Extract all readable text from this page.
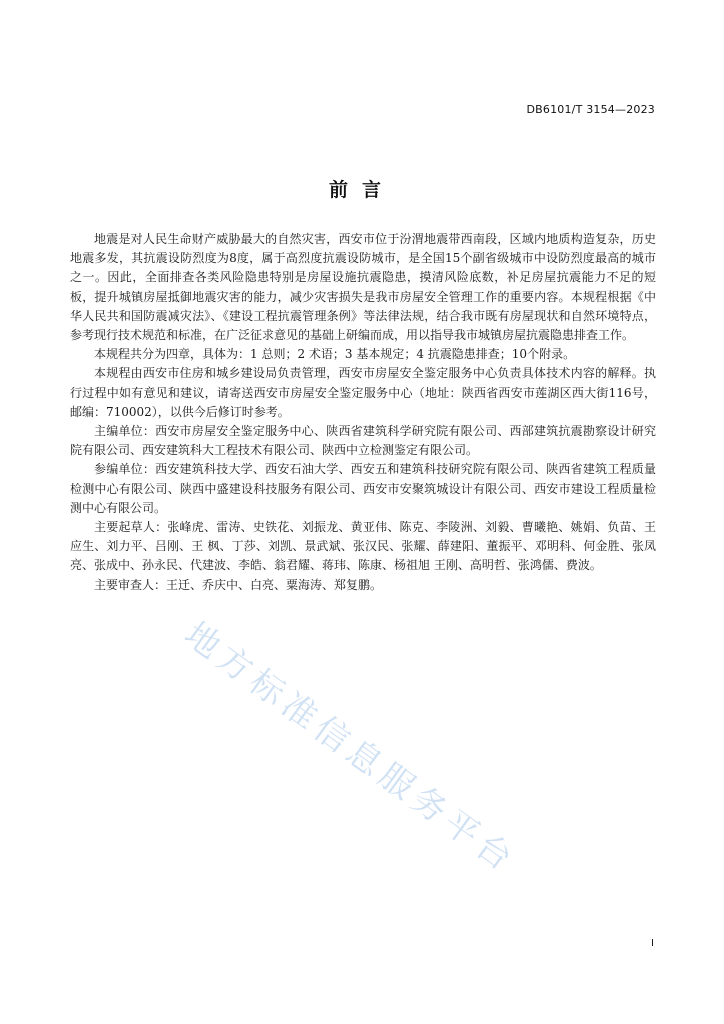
DB6101/T 3154—2023
前言

地震是对人民生命财产威胁最大的自然灾害，西安市位于汾渭地震带西南段，区域内地质构造复杂，历史地震多发，其抗震设防烈度为8度，属于高烈度抗震设防城市，是全国15个副省级城市中设防烈度最高的城市之一。因此，全面排查各类风险隐患特别是房屋设施抗震隐患，摸清风险底数，补足房屋抗震能力不足的短板，提升城镇房屋抵御地震灾害的能力，减少灾害损失是我市房屋安全管理工作的重要内容。本规程根据《中华人民共和国防震减灾法》、《建设工程抗震管理条例》等法律法规，结合我市既有房屋现状和自然环境特点，参考现行技术规范和标准，在广泛征求意见的基础上研编而成，用以指导我市城镇房屋抗震隐患排查工作。

本规程共分为四章，具体为：1 总则；2 术语；3 基本规定；4 抗震隐患排查；10个附录。

本规程由西安市住房和城乡建设局负责管理，西安市房屋安全鉴定服务中心负责具体技术内容的解释。执行过程中如有意见和建议，请寄送西安市房屋安全鉴定服务中心（地址：陕西省西安市莲湖区西大街116号，邮编：710002），以供今后修订时参考。

主编单位：西安市房屋安全鉴定服务中心、陕西省建筑科学研究院有限公司、西部建筑抗震勘察设计研究院有限公司、西安建筑科大工程技术有限公司、陕西中立检测鉴定有限公司。

参编单位：西安建筑科技大学、西安石油大学、西安五和建筑科技研究院有限公司、陕西省建筑工程质量检测中心有限公司、陕西中盛建设科技服务有限公司、西安市安聚筑城设计有限公司、西安市建设工程质量检测中心有限公司。

主要起草人：张峰虎、雷涛、史铁花、刘振龙、黄亚伟、陈克、李陵洲、刘毅、曹曦艳、姚娟、负苗、王应生、刘力平、吕刚、王 枫、丁莎、刘凯、景武斌、张汉民、张耀、薛建阳、董振平、邓明科、何金胜、张凤亮、张成中、孙永民、代建波、李皓、翁君耀、蒋玮、陈康、杨祖旭 王刚、高明哲、张鸿儒、费波。

主要审查人：王迁、乔庆中、白亮、粟海涛、郑复鹏。

地方标准信息服务平台
I
